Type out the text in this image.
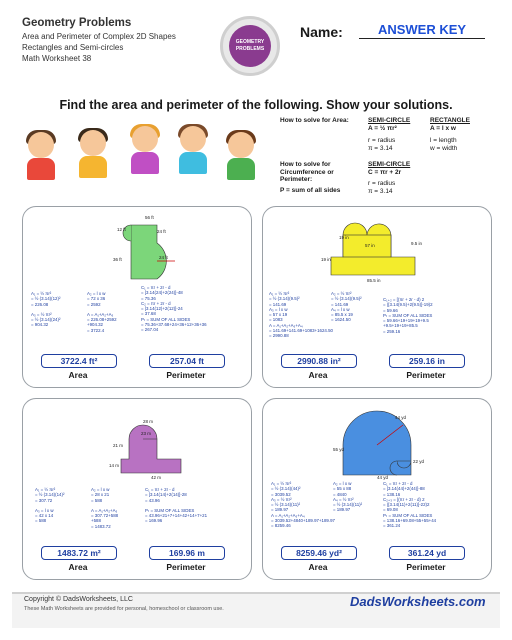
Geometry Problems
Area and Perimeter of Complex 2D Shapes
Rectangles and Semi-circles
Math Worksheet 38
GEOMETRY
PROBLEMS
Name:	ANSWER KEY
Find the area and perimeter of the following. Show your solutions.
How to solve for Area:	SEMI-CIRCLE
A = ½ πr²
RECTANGLE
A = l x w
r = radius
π = 3.14
l = length
w = width
How to solve for Circumference or Perimeter:
SEMI-CIRCLE
C = πr + 2r
r = radius
π = 3.14
P = sum of all sides
56 ft
12 ft	24 ft
36 ft	24 ft
A₁ = ½ πr²
= ½ (3.14)(12)²
= 226.08
A₃ = ½ πr²
= ½ (3.14)(24)²
= 904.32
A₂ = l x w
= 72 x 36
= 2592
A = A₁+A₂+A₃
= 226.08+2592
+904.32
= 3722.4
C₁ = πr + 2r - d
= [3.14(24)+2(24)]-48
= 75.36
C₂ = πr + 2r - d
= [3.14(12)+2(12)]-24
= 37.68
Pₜ = SUM OF ALL SIDES
= 75.36+37.68+24+36+12+36+36
= 267.04
3722.4 ft²
Area
257.04 ft
Perimeter
19 in
57 in	9.5 in
19 in
85.5 in
A₁ = ½ πr²
= ½ (3.14)(9.5)²
= 141.69
A₃ = l x w
= 57 x 19
= 1083
A = A₁+A₂+A₃+A₄
= 141.69+141.69+1083+1624.50
= 2990.88
A₂ = ½ πr²
= ½ (3.14)(9.5)²
= 141.69
A₄ = l x w
= 85.5 x 19
= 1624.50
C₁₊₂ = [(πr + 2r - d) 2
= ([3.14(9.5)+2(9.5)]-19)2
= 59.66
Pₜ = SUM OF ALL SIDES
= 59.66+19+19+19+9.5
+9.5+19+19+85.5
= 259.16
2990.88 in²
Area
259.16 in
Perimeter
23 m
28 m
21 m
14 m
42 m
A₁ = ½ πr²
= ½ (3.14)(14)²
= 307.72
A₃ = l x w
= 42 x 14
= 588
A₂ = l x w
= 28 x 21
= 588
A = A₁+A₂+A₃
= 307.72+588
+588
= 1483.72
C₁ = πr + 2r - d
= [3.14(14)+2(14)]-28
= 43.96
Pₜ = SUM OF ALL SIDES
= 43.96+21+7+14+42+14+7+21
= 169.96
1483.72 m²
Area
169.96 m
Perimeter
44 yd
55 yd
44 yd
22 yd
A₁ = ½ πr²
= ½ (3.14)(44)²
= 3039.52
A₃ = ½ πr²
= ½ (3.14)(11)²
= 189.97
A = A₁+A₂+A₃+A₄
= 3039.52+4840+189.97+189.97
= 8259.46
A₂ = l x w
= 55 x 88
= 4840
A₄ = ½ πr²
= ½ (3.14)(11)²
= 189.97
C₁ = πr + 2r - d
= [3.14(44)+2(44)]-88
= 138.16
C₂₊₃ = [(πr + 2r - d) 2
= ([3.14(11)+2(11)]-22)2
= 69.08
Pₜ = SUM OF ALL SIDES
= 138.16+69.08+55+55+44
= 361.24
8259.46 yd²
Area
361.24 yd
Perimeter
Copyright © DadsWorksheets, LLC
These Math Worksheets are provided for personal, homeschool or classroom use.	DadsWorksheets.com
